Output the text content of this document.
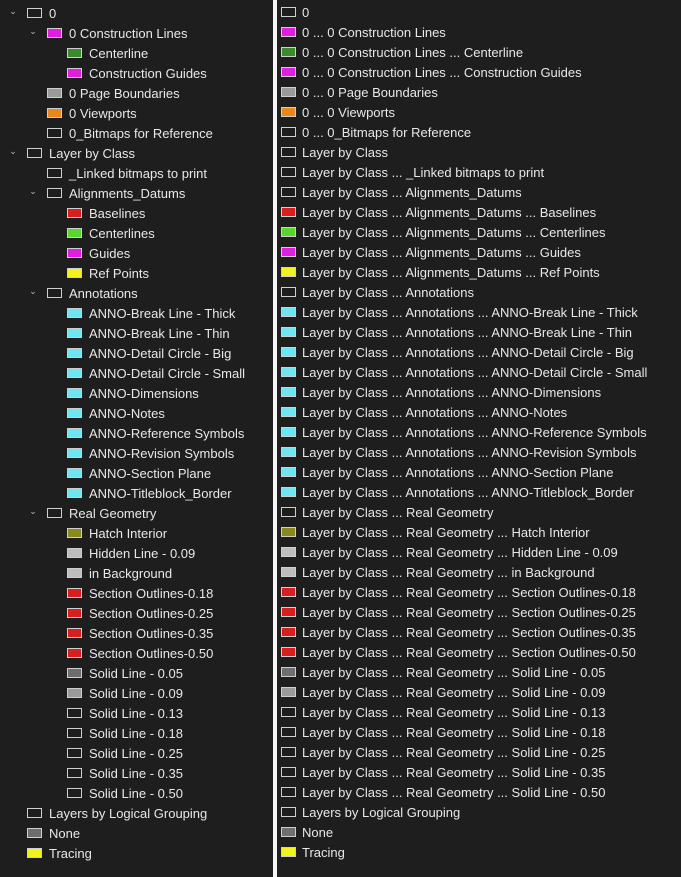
⌄ 0
⌄ 0 Construction Lines
Centerline
Construction Guides
0 Page Boundaries
0 Viewports
0_Bitmaps for Reference
⌄ Layer by Class
_Linked bitmaps to print
⌄ Alignments_Datums
Baselines
Centerlines
Guides
Ref Points
⌄ Annotations
ANNO-Break Line - Thick
ANNO-Break Line - Thin
ANNO-Detail Circle - Big
ANNO-Detail Circle - Small
ANNO-Dimensions
ANNO-Notes
ANNO-Reference Symbols
ANNO-Revision Symbols
ANNO-Section Plane
ANNO-Titleblock_Border
⌄ Real Geometry
Hatch Interior
Hidden Line - 0.09
in Background
Section Outlines-0.18
Section Outlines-0.25
Section Outlines-0.35
Section Outlines-0.50
Solid Line - 0.05
Solid Line - 0.09
Solid Line - 0.13
Solid Line - 0.18
Solid Line - 0.25
Solid Line - 0.35
Solid Line - 0.50
Layers by Logical Grouping
None
Tracing
0
0 ... 0 Construction Lines
0 ... 0 Construction Lines ... Centerline
0 ... 0 Construction Lines ... Construction Guides
0 ... 0 Page Boundaries
0 ... 0 Viewports
0 ... 0_Bitmaps for Reference
Layer by Class
Layer by Class ... _Linked bitmaps to print
Layer by Class ... Alignments_Datums
Layer by Class ... Alignments_Datums ... Baselines
Layer by Class ... Alignments_Datums ... Centerlines
Layer by Class ... Alignments_Datums ... Guides
Layer by Class ... Alignments_Datums ... Ref Points
Layer by Class ... Annotations
Layer by Class ... Annotations ... ANNO-Break Line - Thick
Layer by Class ... Annotations ... ANNO-Break Line - Thin
Layer by Class ... Annotations ... ANNO-Detail Circle - Big
Layer by Class ... Annotations ... ANNO-Detail Circle - Small
Layer by Class ... Annotations ... ANNO-Dimensions
Layer by Class ... Annotations ... ANNO-Notes
Layer by Class ... Annotations ... ANNO-Reference Symbols
Layer by Class ... Annotations ... ANNO-Revision Symbols
Layer by Class ... Annotations ... ANNO-Section Plane
Layer by Class ... Annotations ... ANNO-Titleblock_Border
Layer by Class ... Real Geometry
Layer by Class ... Real Geometry ... Hatch Interior
Layer by Class ... Real Geometry ... Hidden Line - 0.09
Layer by Class ... Real Geometry ... in Background
Layer by Class ... Real Geometry ... Section Outlines-0.18
Layer by Class ... Real Geometry ... Section Outlines-0.25
Layer by Class ... Real Geometry ... Section Outlines-0.35
Layer by Class ... Real Geometry ... Section Outlines-0.50
Layer by Class ... Real Geometry ... Solid Line - 0.05
Layer by Class ... Real Geometry ... Solid Line - 0.09
Layer by Class ... Real Geometry ... Solid Line - 0.13
Layer by Class ... Real Geometry ... Solid Line - 0.18
Layer by Class ... Real Geometry ... Solid Line - 0.25
Layer by Class ... Real Geometry ... Solid Line - 0.35
Layer by Class ... Real Geometry ... Solid Line - 0.50
Layers by Logical Grouping
None
Tracing
